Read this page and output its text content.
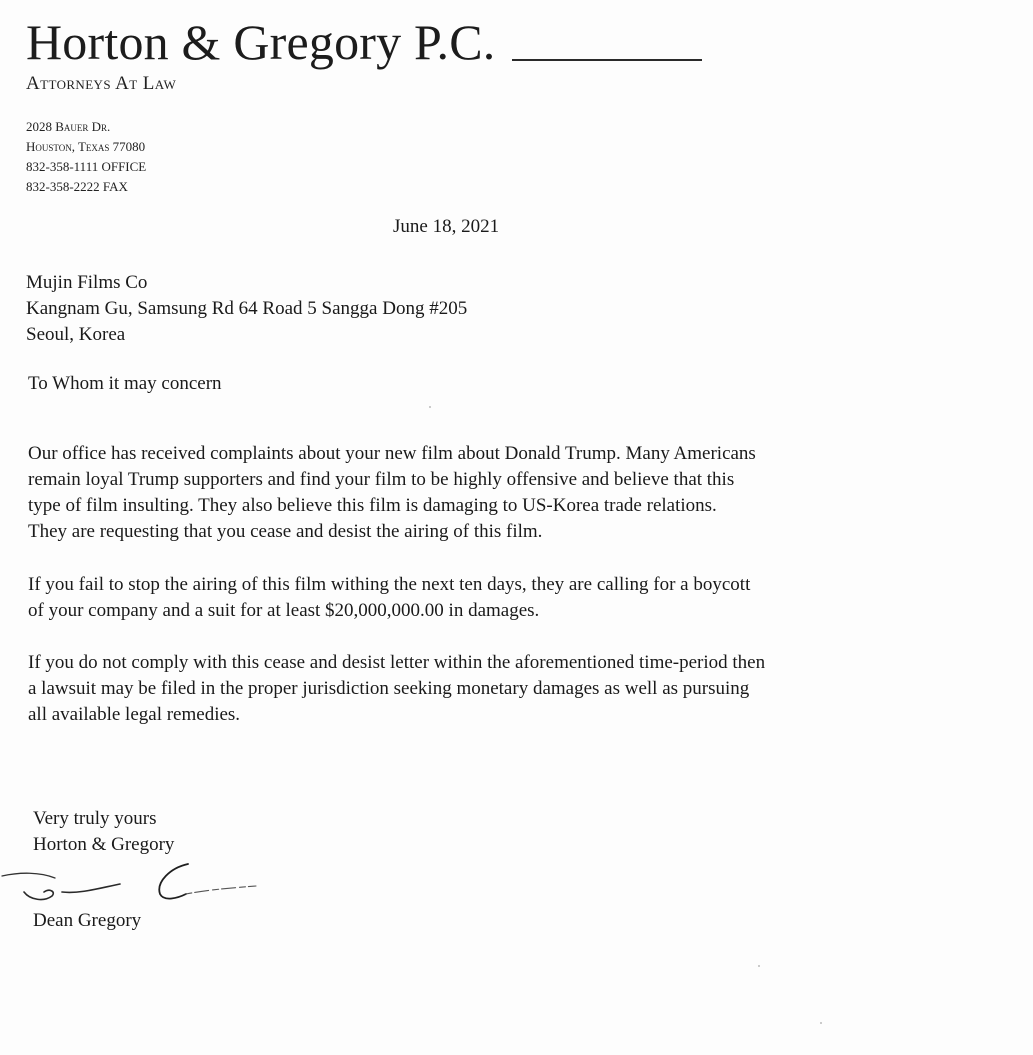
Horton & Gregory P.C.
Attorneys At Law
2028 Bauer Dr.
Houston, Texas 77080
832-358-1111 OFFICE
832-358-2222 FAX
June 18, 2021
Mujin Films Co
Kangnam Gu, Samsung Rd 64 Road 5 Sangga Dong #205
Seoul, Korea
To Whom it may concern
Our office has received complaints about your new film about Donald Trump. Many Americans
remain loyal Trump supporters and find your film to be highly offensive and believe that this
type of film insulting. They also believe this film is damaging to US-Korea trade relations.
They are requesting that you cease and desist the airing of this film.
If you fail to stop the airing of this film withing the next ten days, they are calling for a boycott
of your company and a suit for at least $20,000,000.00 in damages.
If you do not comply with this cease and desist letter within the aforementioned time-period then
a lawsuit may be filed in the proper jurisdiction seeking monetary damages as well as pursuing
all available legal remedies.
Very truly yours
Horton & Gregory
Dean Gregory
